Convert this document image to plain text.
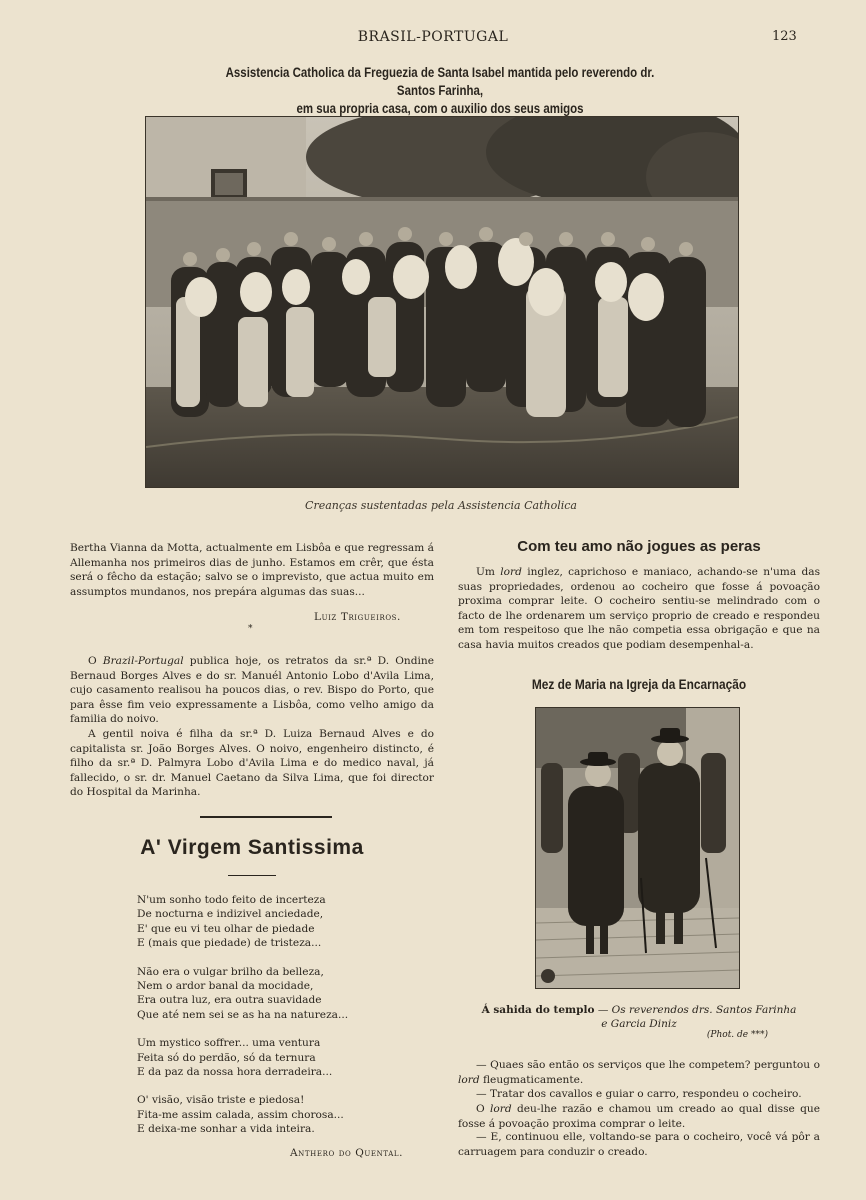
BRASIL-PORTUGAL	123
Assistencia Catholica da Freguezia de Santa Isabel mantida pelo reverendo dr. Santos Farinha,
em sua propria casa, com o auxilio dos seus amigos
Creanças sustentadas pela Assistencia Catholica

Bertha Vianna da Motta, actualmente em Lisbôa e que regressam á Allemanha nos primeiros dias de junho. Estamos em crêr, que ésta será o fêcho da estação; salvo se o imprevisto, que actua muito em assumptos mundanos, nos prepára algumas das suas...

Luiz Trigueiros.
*

O Brazil-Portugal publica hoje, os retratos da sr.ª D. Ondine Bernaud Borges Alves e do sr. Manuél Antonio Lobo d'Avila Lima, cujo casamento realisou ha poucos dias, o rev. Bispo do Porto, que para êsse fim veio expressamente a Lisbôa, como velho amigo da familia do noivo.

A gentil noiva é filha da sr.ª D. Luiza Bernaud Alves e do capitalista sr. João Borges Alves. O noivo, engenheiro distincto, é filho da sr.ª D. Palmyra Lobo d'Avila Lima e do medico naval, já fallecido, o sr. dr. Manuel Caetano da Silva Lima, que foi director do Hospital da Marinha.

A' Virgem Santissima
N'um sonho todo feito de incerteza
De nocturna e indizivel anciedade,
E' que eu vi teu olhar de piedade
E (mais que piedade) de tristeza...
Não era o vulgar brilho da belleza,
Nem o ardor banal da mocidade,
Era outra luz, era outra suavidade
Que até nem sei se as ha na natureza...
Um mystico soffrer... uma ventura
Feita só do perdão, só da ternura
E da paz da nossa hora derradeira...
O' visão, visão triste e piedosa!
Fita-me assim calada, assim chorosa...
E deixa-me sonhar a vida inteira.
Anthero do Quental.
Com teu amo não jogues as peras

Um lord inglez, caprichoso e maniaco, achando-se n'uma das suas propriedades, ordenou ao cocheiro que fosse á povoação proxima comprar leite. O cocheiro sentiu-se melindrado com o facto de lhe ordenarem um serviço proprio de creado e respondeu em tom respeitoso que lhe não competia essa obrigação e que na casa havia muitos creados que podiam desempenhal-a.

Mez de Maria na Igreja da Encarnação
Á sahida do templo — Os reverendos drs. Santos Farinha
e Garcia Diniz
(Phot. de ***)

— Quaes são então os serviços que lhe competem? perguntou o lord fleugmaticamente.

— Tratar dos cavallos e guiar o carro, respondeu o cocheiro.

O lord deu-lhe razão e chamou um creado ao qual disse que fosse á povoação proxima comprar o leite.

— E, continuou elle, voltando-se para o cocheiro, você vá pôr a carruagem para conduzir o creado.
